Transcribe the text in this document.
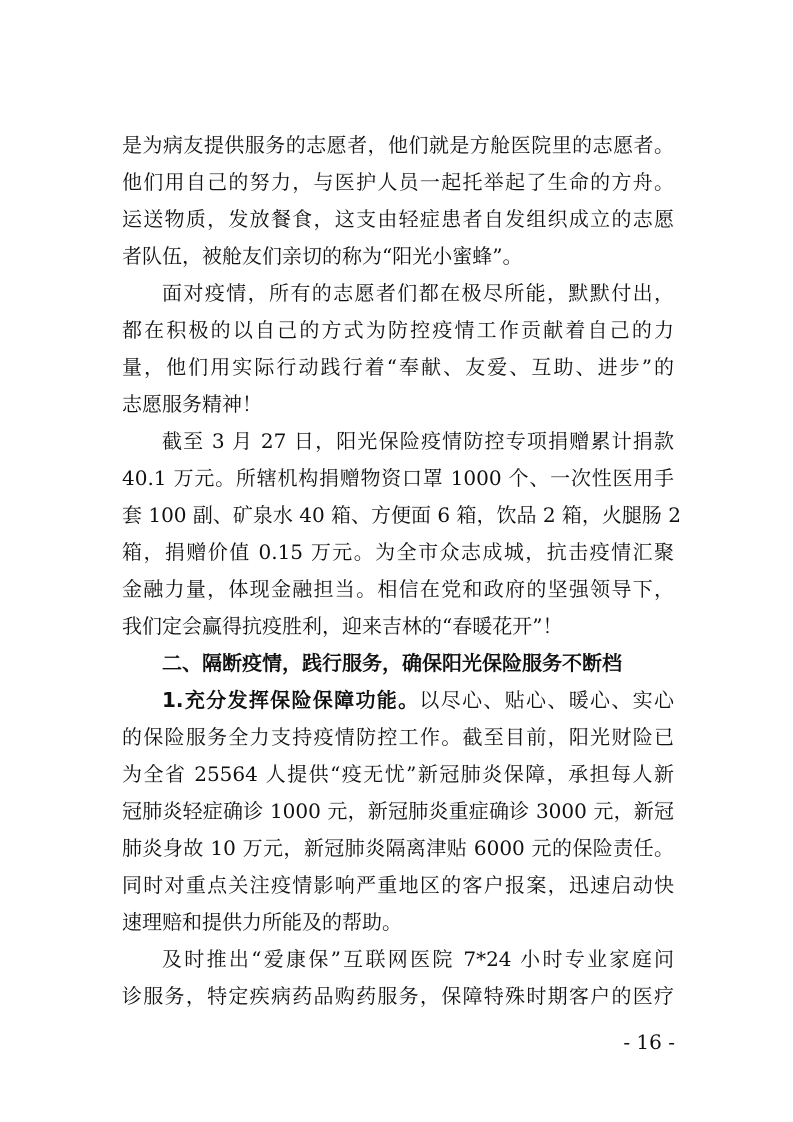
是为病友提供服务的志愿者，他们就是方舱医院里的志愿者。
他们用自己的努力，与医护人员一起托举起了生命的方舟。
运送物质，发放餐食，这支由轻症患者自发组织成立的志愿
者队伍，被舱友们亲切的称为“阳光小蜜蜂”。
面对疫情，所有的志愿者们都在极尽所能，默默付出，
都在积极的以自己的方式为防控疫情工作贡献着自己的力
量，他们用实际行动践行着“奉献、友爱、互助、进步”的
志愿服务精神！
截至 3 月 27 日，阳光保险疫情防控专项捐赠累计捐款
40.1 万元。所辖机构捐赠物资口罩 1000 个、一次性医用手
套 100 副、矿泉水 40 箱、方便面 6 箱，饮品 2 箱，火腿肠 2
箱，捐赠价值 0.15 万元。为全市众志成城，抗击疫情汇聚
金融力量，体现金融担当。相信在党和政府的坚强领导下，
我们定会赢得抗疫胜利，迎来吉林的“春暖花开”！
二、隔断疫情，践行服务，确保阳光保险服务不断档
1.充分发挥保险保障功能。以尽心、贴心、暖心、实心
的保险服务全力支持疫情防控工作。截至目前，阳光财险已
为全省 25564 人提供“疫无忧”新冠肺炎保障，承担每人新
冠肺炎轻症确诊 1000 元，新冠肺炎重症确诊 3000 元，新冠
肺炎身故 10 万元，新冠肺炎隔离津贴 6000 元的保险责任。
同时对重点关注疫情影响严重地区的客户报案，迅速启动快
速理赔和提供力所能及的帮助。
及时推出“爱康保”互联网医院 7*24 小时专业家庭问
诊服务，特定疾病药品购药服务，保障特殊时期客户的医疗
- 16 -
